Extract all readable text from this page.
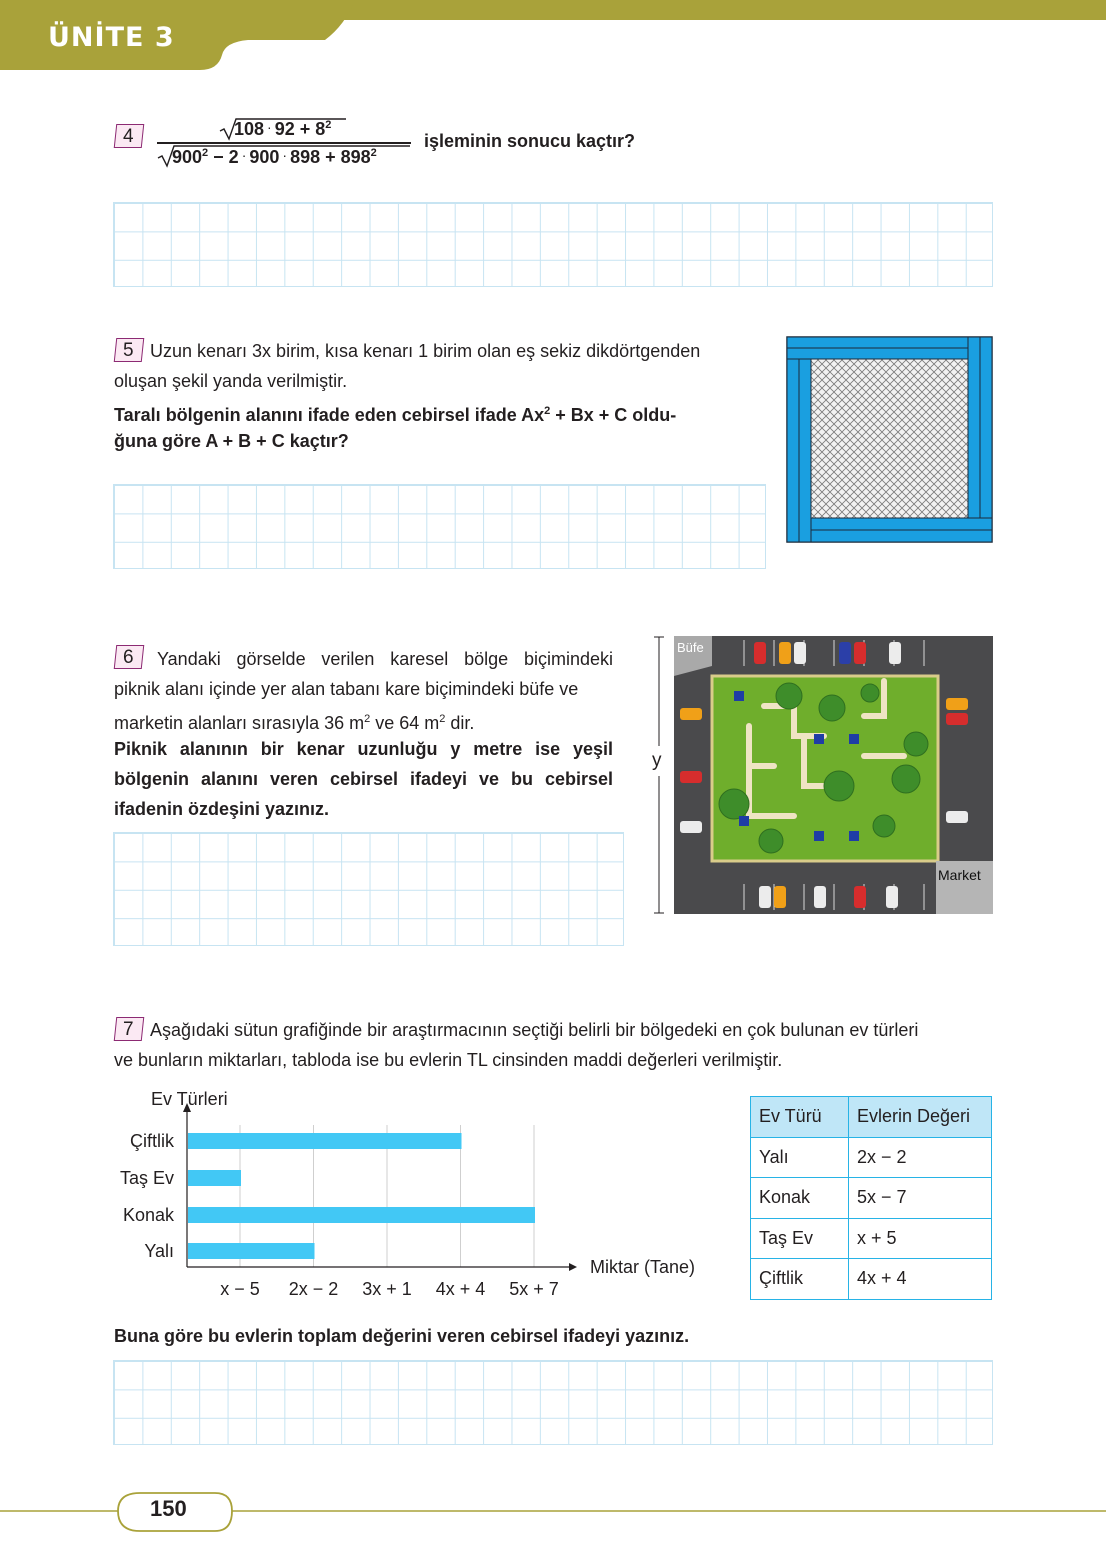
ÜNİTE 3
4	$108 \cdot 92 + 8^2$
$900^2 - 2 \cdot 900 \cdot 898 + 898^2$
işleminin sonucu kaçtır?
5 Uzun kenarı 3x birim, kısa kenarı 1 birim olan eş sekiz dikdörtgenden
oluşan şekil yanda verilmiştir.
Taralı bölgenin alanını ifade eden cebirsel ifade $Ax^2 + Bx + C$ oldu-
ğuna göre A + B + C kaçtır?
6 Yandaki görselde verilen karesel bölge biçimindeki
piknik alanı içinde yer alan tabanı kare biçimindeki büfe ve
marketin alanları sırasıyla 36 $m^2$ ve 64 $m^2$ dir.
Piknik alanının bir kenar uzunluğu y metre ise yeşil
bölgenin alanını veren cebirsel ifadeyi ve bu cebirsel
ifadenin özdeşini yazınız.
y
Büfe
Market
7 Aşağıdaki sütun grafiğinde bir araştırmacının seçtiği belirli bir bölgedeki en çok bulunan ev türleri
ve bunların miktarları, tabloda ise bu evlerin TL cinsinden maddi değerleri verilmiştir.
x − 5 2x − 2 3x + 1 4x + 4 5x + 7
Çiftlik
Taş Ev
Konak
Yalı
Ev Türleri
Miktar (Tane)
Ev Türü	Evlerin Değeri
Yalı	2x − 2
Konak	5x − 7
Taş Ev	x + 5
Çiftlik	4x + 4
Buna göre bu evlerin toplam değerini veren cebirsel ifadeyi yazınız.
150
